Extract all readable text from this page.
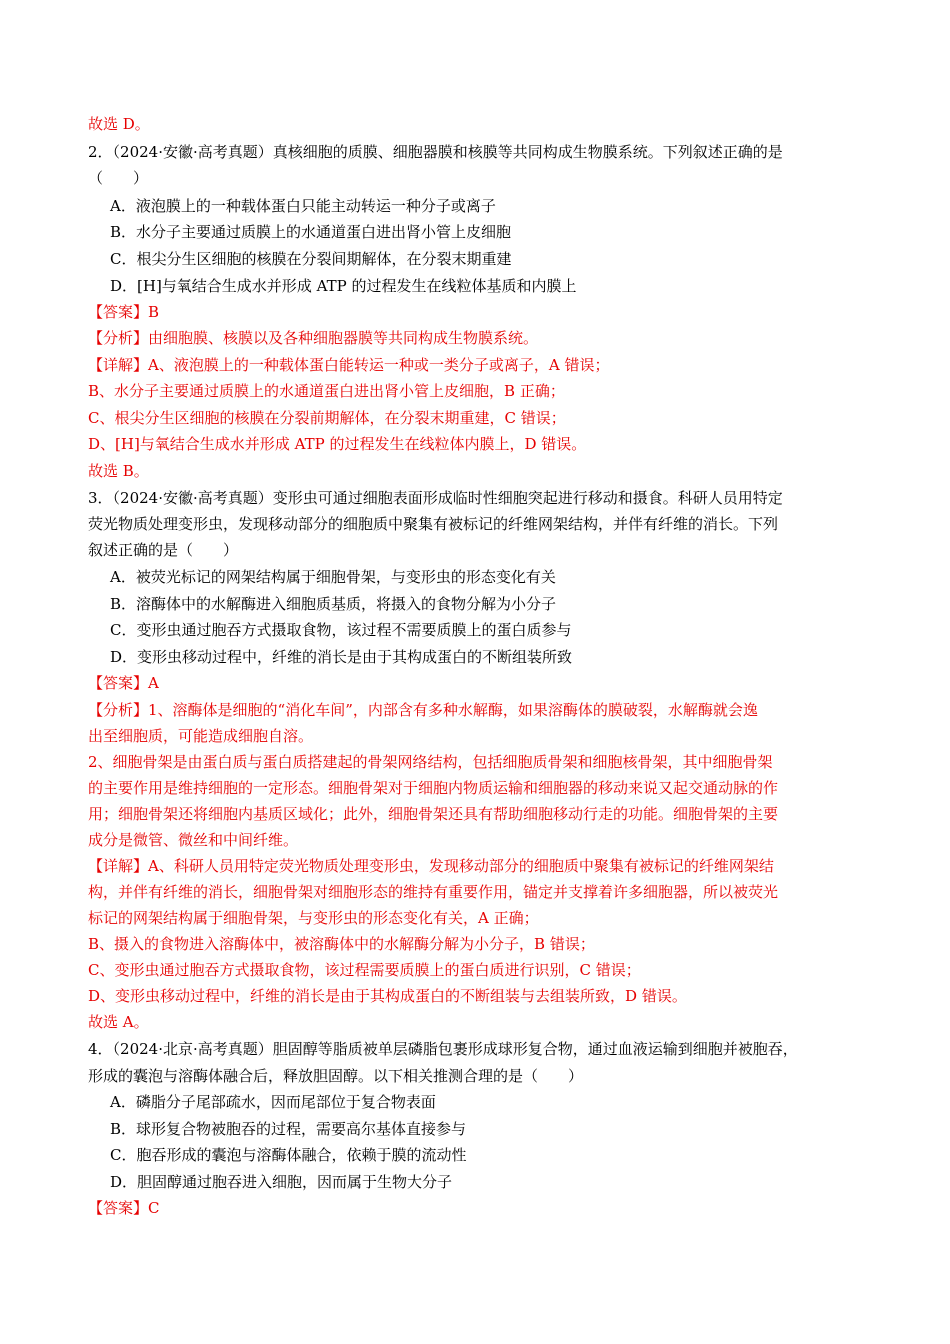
故选 D。
2．（2024·安徽·高考真题）真核细胞的质膜、细胞器膜和核膜等共同构成生物膜系统。下列叙述正确的是
（　　）
A．液泡膜上的一种载体蛋白只能主动转运一种分子或离子
B．水分子主要通过质膜上的水通道蛋白进出肾小管上皮细胞
C．根尖分生区细胞的核膜在分裂间期解体，在分裂末期重建
D．[H]与氧结合生成水并形成 ATP 的过程发生在线粒体基质和内膜上
【答案】B
【分析】由细胞膜、核膜以及各种细胞器膜等共同构成生物膜系统。
【详解】A、液泡膜上的一种载体蛋白能转运一种或一类分子或离子，A 错误；
B、水分子主要通过质膜上的水通道蛋白进出肾小管上皮细胞，B 正确；
C、根尖分生区细胞的核膜在分裂前期解体，在分裂末期重建，C 错误；
D、[H]与氧结合生成水并形成 ATP 的过程发生在线粒体内膜上，D 错误。
故选 B。
3．（2024·安徽·高考真题）变形虫可通过细胞表面形成临时性细胞突起进行移动和摄食。科研人员用特定
荧光物质处理变形虫，发现移动部分的细胞质中聚集有被标记的纤维网架结构，并伴有纤维的消长。下列
叙述正确的是（　　）
A．被荧光标记的网架结构属于细胞骨架，与变形虫的形态变化有关
B．溶酶体中的水解酶进入细胞质基质，将摄入的食物分解为小分子
C．变形虫通过胞吞方式摄取食物，该过程不需要质膜上的蛋白质参与
D．变形虫移动过程中，纤维的消长是由于其构成蛋白的不断组装所致
【答案】A
【分析】1、溶酶体是细胞的“消化车间”，内部含有多种水解酶，如果溶酶体的膜破裂，水解酶就会逸
出至细胞质，可能造成细胞自溶。
2、细胞骨架是由蛋白质与蛋白质搭建起的骨架网络结构，包括细胞质骨架和细胞核骨架，其中细胞骨架
的主要作用是维持细胞的一定形态。细胞骨架对于细胞内物质运输和细胞器的移动来说又起交通动脉的作
用；细胞骨架还将细胞内基质区域化；此外，细胞骨架还具有帮助细胞移动行走的功能。细胞骨架的主要
成分是微管、微丝和中间纤维。
【详解】A、科研人员用特定荧光物质处理变形虫，发现移动部分的细胞质中聚集有被标记的纤维网架结
构，并伴有纤维的消长，细胞骨架对细胞形态的维持有重要作用，锚定并支撑着许多细胞器，所以被荧光
标记的网架结构属于细胞骨架，与变形虫的形态变化有关，A 正确；
B、摄入的食物进入溶酶体中，被溶酶体中的水解酶分解为小分子，B 错误；
C、变形虫通过胞吞方式摄取食物，该过程需要质膜上的蛋白质进行识别，C 错误；
D、变形虫移动过程中，纤维的消长是由于其构成蛋白的不断组装与去组装所致，D 错误。
故选 A。
4．（2024·北京·高考真题）胆固醇等脂质被单层磷脂包裹形成球形复合物，通过血液运输到细胞并被胞吞，
形成的囊泡与溶酶体融合后，释放胆固醇。以下相关推测合理的是（　　）
A．磷脂分子尾部疏水，因而尾部位于复合物表面
B．球形复合物被胞吞的过程，需要高尔基体直接参与
C．胞吞形成的囊泡与溶酶体融合，依赖于膜的流动性
D．胆固醇通过胞吞进入细胞，因而属于生物大分子
【答案】C
